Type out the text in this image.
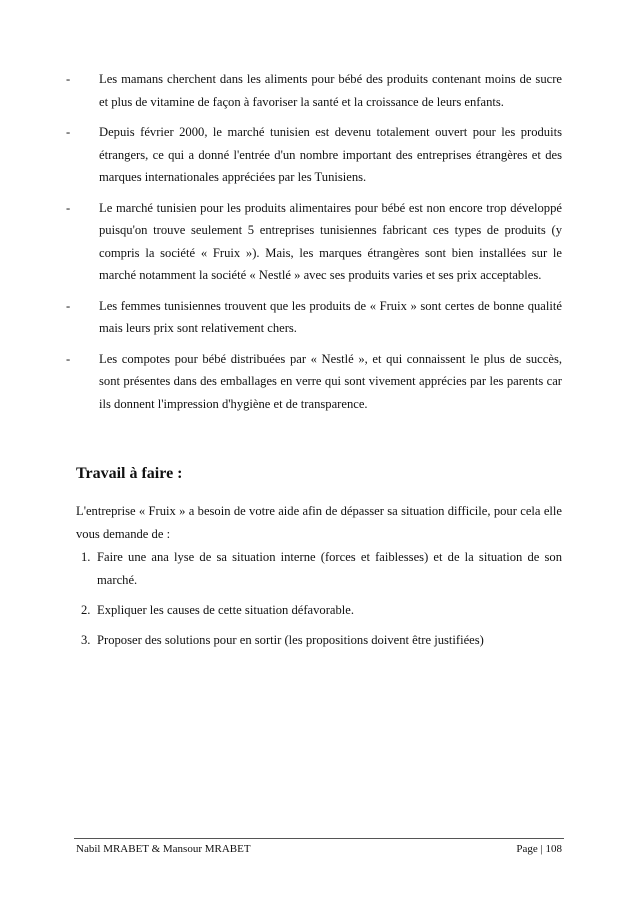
- Les mamans cherchent dans les aliments pour bébé des produits contenant moins de sucre et plus de vitamine de façon à favoriser la santé et la croissance de leurs enfants.
- Depuis février 2000, le marché tunisien est devenu totalement ouvert pour les produits étrangers, ce qui a donné l'entrée d'un nombre important des entreprises étrangères et des marques internationales appréciées par les Tunisiens.
- Le marché tunisien pour les produits alimentaires pour bébé est non encore trop développé puisqu'on trouve seulement 5 entreprises tunisiennes fabricant ces types de produits (y compris la société « Fruix »). Mais, les marques étrangères sont bien installées sur le marché notamment la société « Nestlé » avec ses produits varies et ses prix acceptables.
- Les femmes tunisiennes trouvent que les produits de « Fruix » sont certes de bonne qualité mais leurs prix sont relativement chers.
- Les compotes pour bébé distribuées par « Nestlé », et qui connaissent le plus de succès, sont présentes dans des emballages en verre qui sont vivement apprécies par les parents car ils donnent l'impression d'hygiène et de transparence.
Travail à faire :

L'entreprise « Fruix » a besoin de votre aide afin de dépasser sa situation difficile, pour cela elle vous demande de :

1. Faire une ana lyse de sa situation interne (forces et faiblesses) et de la situation de son marché.
2. Expliquer les causes de cette situation défavorable.
3. Proposer des solutions pour en sortir (les propositions doivent être justifiées)
Nabil MRABET & Mansour MRABET	Page | 108
